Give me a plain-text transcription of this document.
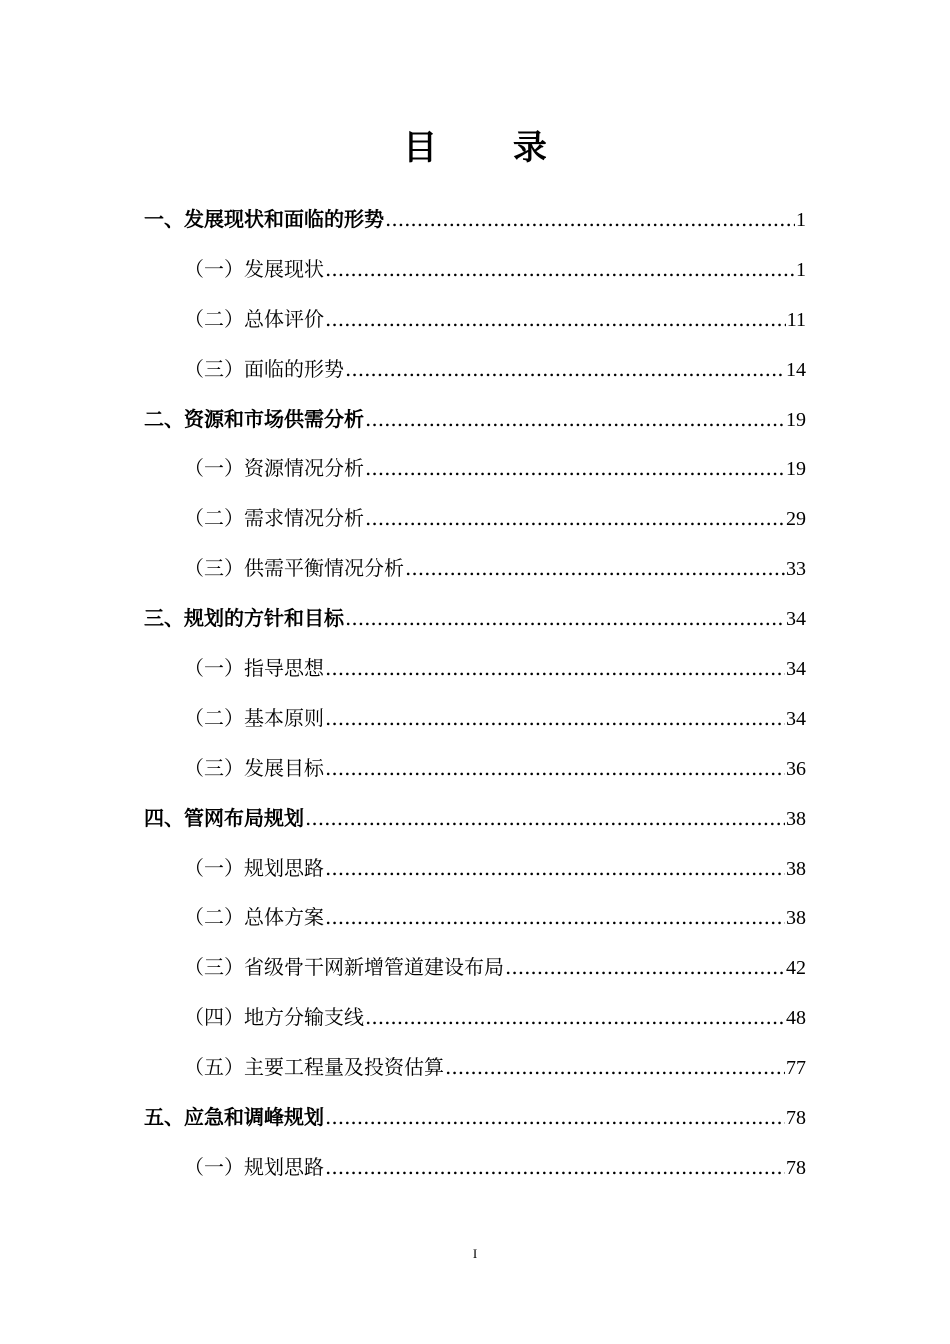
目 录
一、发展现状和面临的形势 .....	1
（一）发展现状 .....	1
（二）总体评价 .....	11
（三）面临的形势 .....	14
二、资源和市场供需分析 .....	19
（一）资源情况分析 .....	19
（二）需求情况分析 .....	29
（三）供需平衡情况分析 .....	33
三、规划的方针和目标 .....	34
（一）指导思想 .....	34
（二）基本原则 .....	34
（三）发展目标 .....	36
四、管网布局规划 .....	38
（一）规划思路 .....	38
（二）总体方案 .....	38
（三）省级骨干网新增管道建设布局 .....	42
（四）地方分输支线 .....	48
（五）主要工程量及投资估算 .....	77
五、应急和调峰规划 .....	78
（一）规划思路 .....	78
I
